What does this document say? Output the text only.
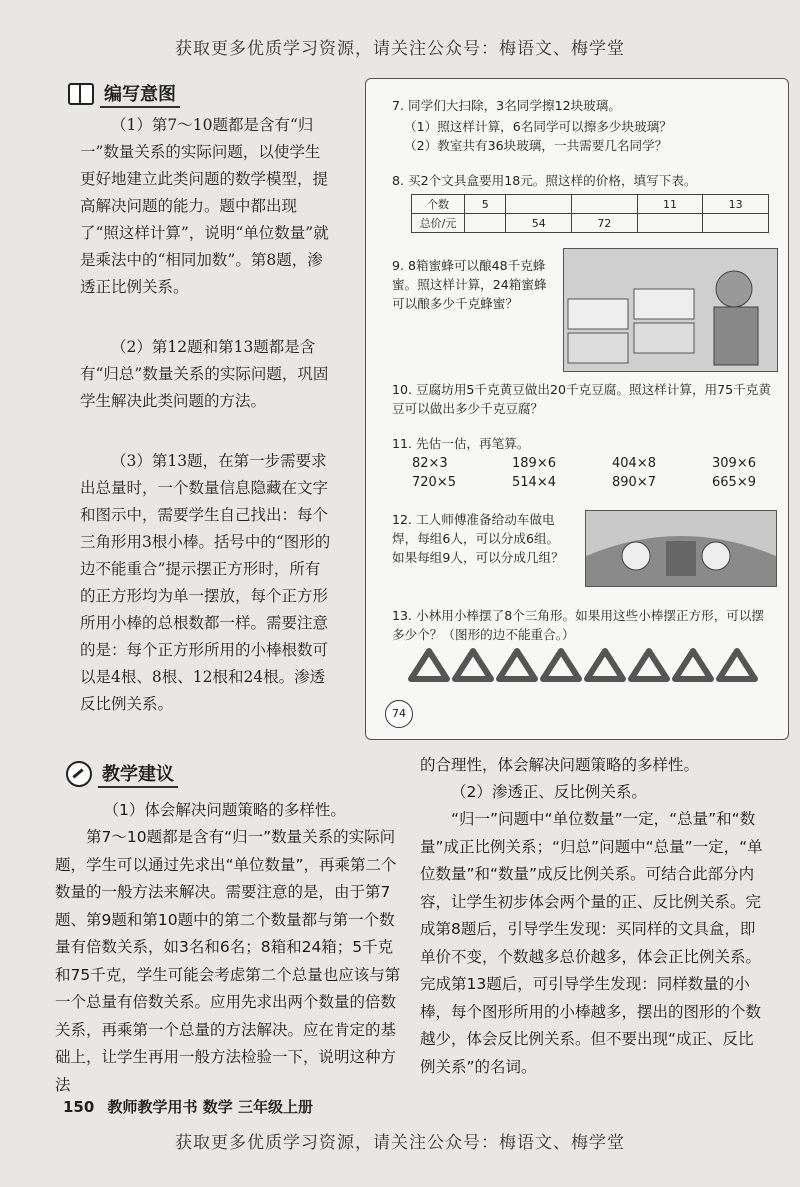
获取更多优质学习资源，请关注公众号：梅语文、梅学堂
编写意图
（1）第7～10题都是含有“归一”数量关系的实际问题，以使学生更好地建立此类问题的数学模型，提高解决问题的能力。题中都出现了“照这样计算”，说明“单位数量”就是乘法中的“相同加数”。第8题，渗透正比例关系。
（2）第12题和第13题都是含有“归总”数量关系的实际问题，巩固学生解决此类问题的方法。
（3）第13题，在第一步需要求出总量时，一个数量信息隐藏在文字和图示中，需要学生自己找出：每个三角形用3根小棒。括号中的“图形的边不能重合”提示摆正方形时，所有的正方形均为单一摆放，每个正方形所用小棒的总根数都一样。需要注意的是：每个正方形所用的小棒根数可以是4根、8根、12根和24根。渗透反比例关系。
7. 同学们大扫除，3名同学擦12块玻璃。
（1）照这样计算，6名同学可以擦多少块玻璃？
（2）教室共有36块玻璃，一共需要几名同学？
8. 买2个文具盒要用18元。照这样的价格，填写下表。
个数	5			11	13
总价/元		54	72		
9. 8箱蜜蜂可以酿48千克蜂蜜。照这样计算，24箱蜜蜂可以酿多少千克蜂蜜？
10. 豆腐坊用5千克黄豆做出20千克豆腐。照这样计算，用75千克黄豆可以做出多少千克豆腐？
11. 先估一估，再笔算。
82×3	189×6	404×8	309×6
720×5	514×4	890×7	665×9
12. 工人师傅准备给动车做电焊，每组6人，可以分成6组。如果每组9人，可以分成几组？
13. 小林用小棒摆了8个三角形。如果用这些小棒摆正方形，可以摆多少个？（图形的边不能重合。）
74
教学建议
（1）体会解决问题策略的多样性。
第7～10题都是含有“归一”数量关系的实际问题，学生可以通过先求出“单位数量”，再乘第二个数量的一般方法来解决。需要注意的是，由于第7题、第9题和第10题中的第二个数量都与第一个数量有倍数关系，如3名和6名；8箱和24箱；5千克和75千克，学生可能会考虑第二个总量也应该与第一个总量有倍数关系。应用先求出两个数量的倍数关系，再乘第一个总量的方法解决。应在肯定的基础上，让学生再用一般方法检验一下，说明这种方法
的合理性，体会解决问题策略的多样性。
（2）渗透正、反比例关系。
“归一”问题中“单位数量”一定，“总量”和“数量”成正比例关系；“归总”问题中“总量”一定，“单位数量”和“数量”成反比例关系。可结合此部分内容，让学生初步体会两个量的正、反比例关系。完成第8题后，引导学生发现：买同样的文具盒，即单价不变，个数越多总价越多，体会正比例关系。完成第13题后，可引导学生发现：同样数量的小棒，每个图形所用的小棒越多，摆出的图形的个数越少，体会反比例关系。但不要出现“成正、反比例关系”的名词。
150 教师教学用书 数学 三年级上册
获取更多优质学习资源，请关注公众号：梅语文、梅学堂
